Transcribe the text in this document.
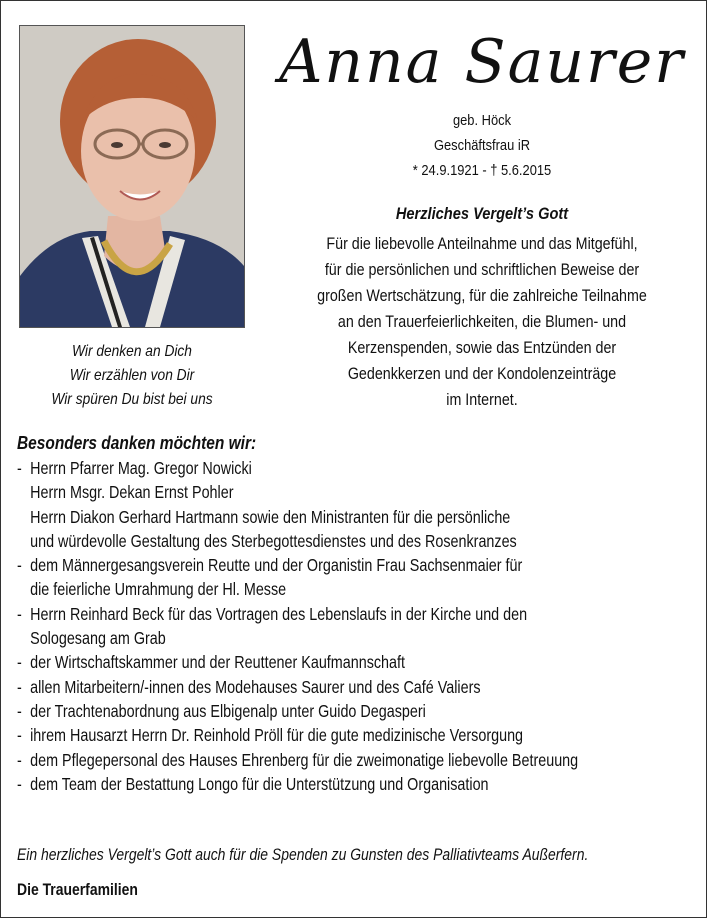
Wir denken an Dich
Wir erzählen von Dir
Wir spüren Du bist bei uns
Anna Saurer
geb. Höck
Geschäftsfrau iR
* 24.9.1921 - † 5.6.2015
Herzliches Vergelt’s Gott
Für die liebevolle Anteilnahme und das Mitgefühl,
für die persönlichen und schriftlichen Beweise der
großen Wertschätzung, für die zahlreiche Teilnahme
an den Trauerfeierlichkeiten, die Blumen- und
Kerzenspenden, sowie das Entzünden der
Gedenkkerzen und der Kondolenzeinträge
im Internet.
Besonders danken möchten wir:
- Herrn Pfarrer Mag. Gregor Nowicki
Herrn Msgr. Dekan Ernst Pohler
Herrn Diakon Gerhard Hartmann sowie den Ministranten für die persönliche
und würdevolle Gestaltung des Sterbegottesdienstes und des Rosenkranzes
- dem Männergesangsverein Reutte und der Organistin Frau Sachsenmaier für
die feierliche Umrahmung der Hl. Messe
- Herrn Reinhard Beck für das Vortragen des Lebenslaufs in der Kirche und den
Sologesang am Grab
- der Wirtschaftskammer und der Reuttener Kaufmannschaft
- allen Mitarbeitern/-innen des Modehauses Saurer und des Café Valiers
- der Trachtenabordnung aus Elbigenalp unter Guido Degasperi
- ihrem Hausarzt Herrn Dr. Reinhold Pröll für die gute medizinische Versorgung
- dem Pflegepersonal des Hauses Ehrenberg für die zweimonatige liebevolle Betreuung
- dem Team der Bestattung Longo für die Unterstützung und Organisation
Ein herzliches Vergelt’s Gott auch für die Spenden zu Gunsten des Palliativteams Außerfern.
Die Trauerfamilien
